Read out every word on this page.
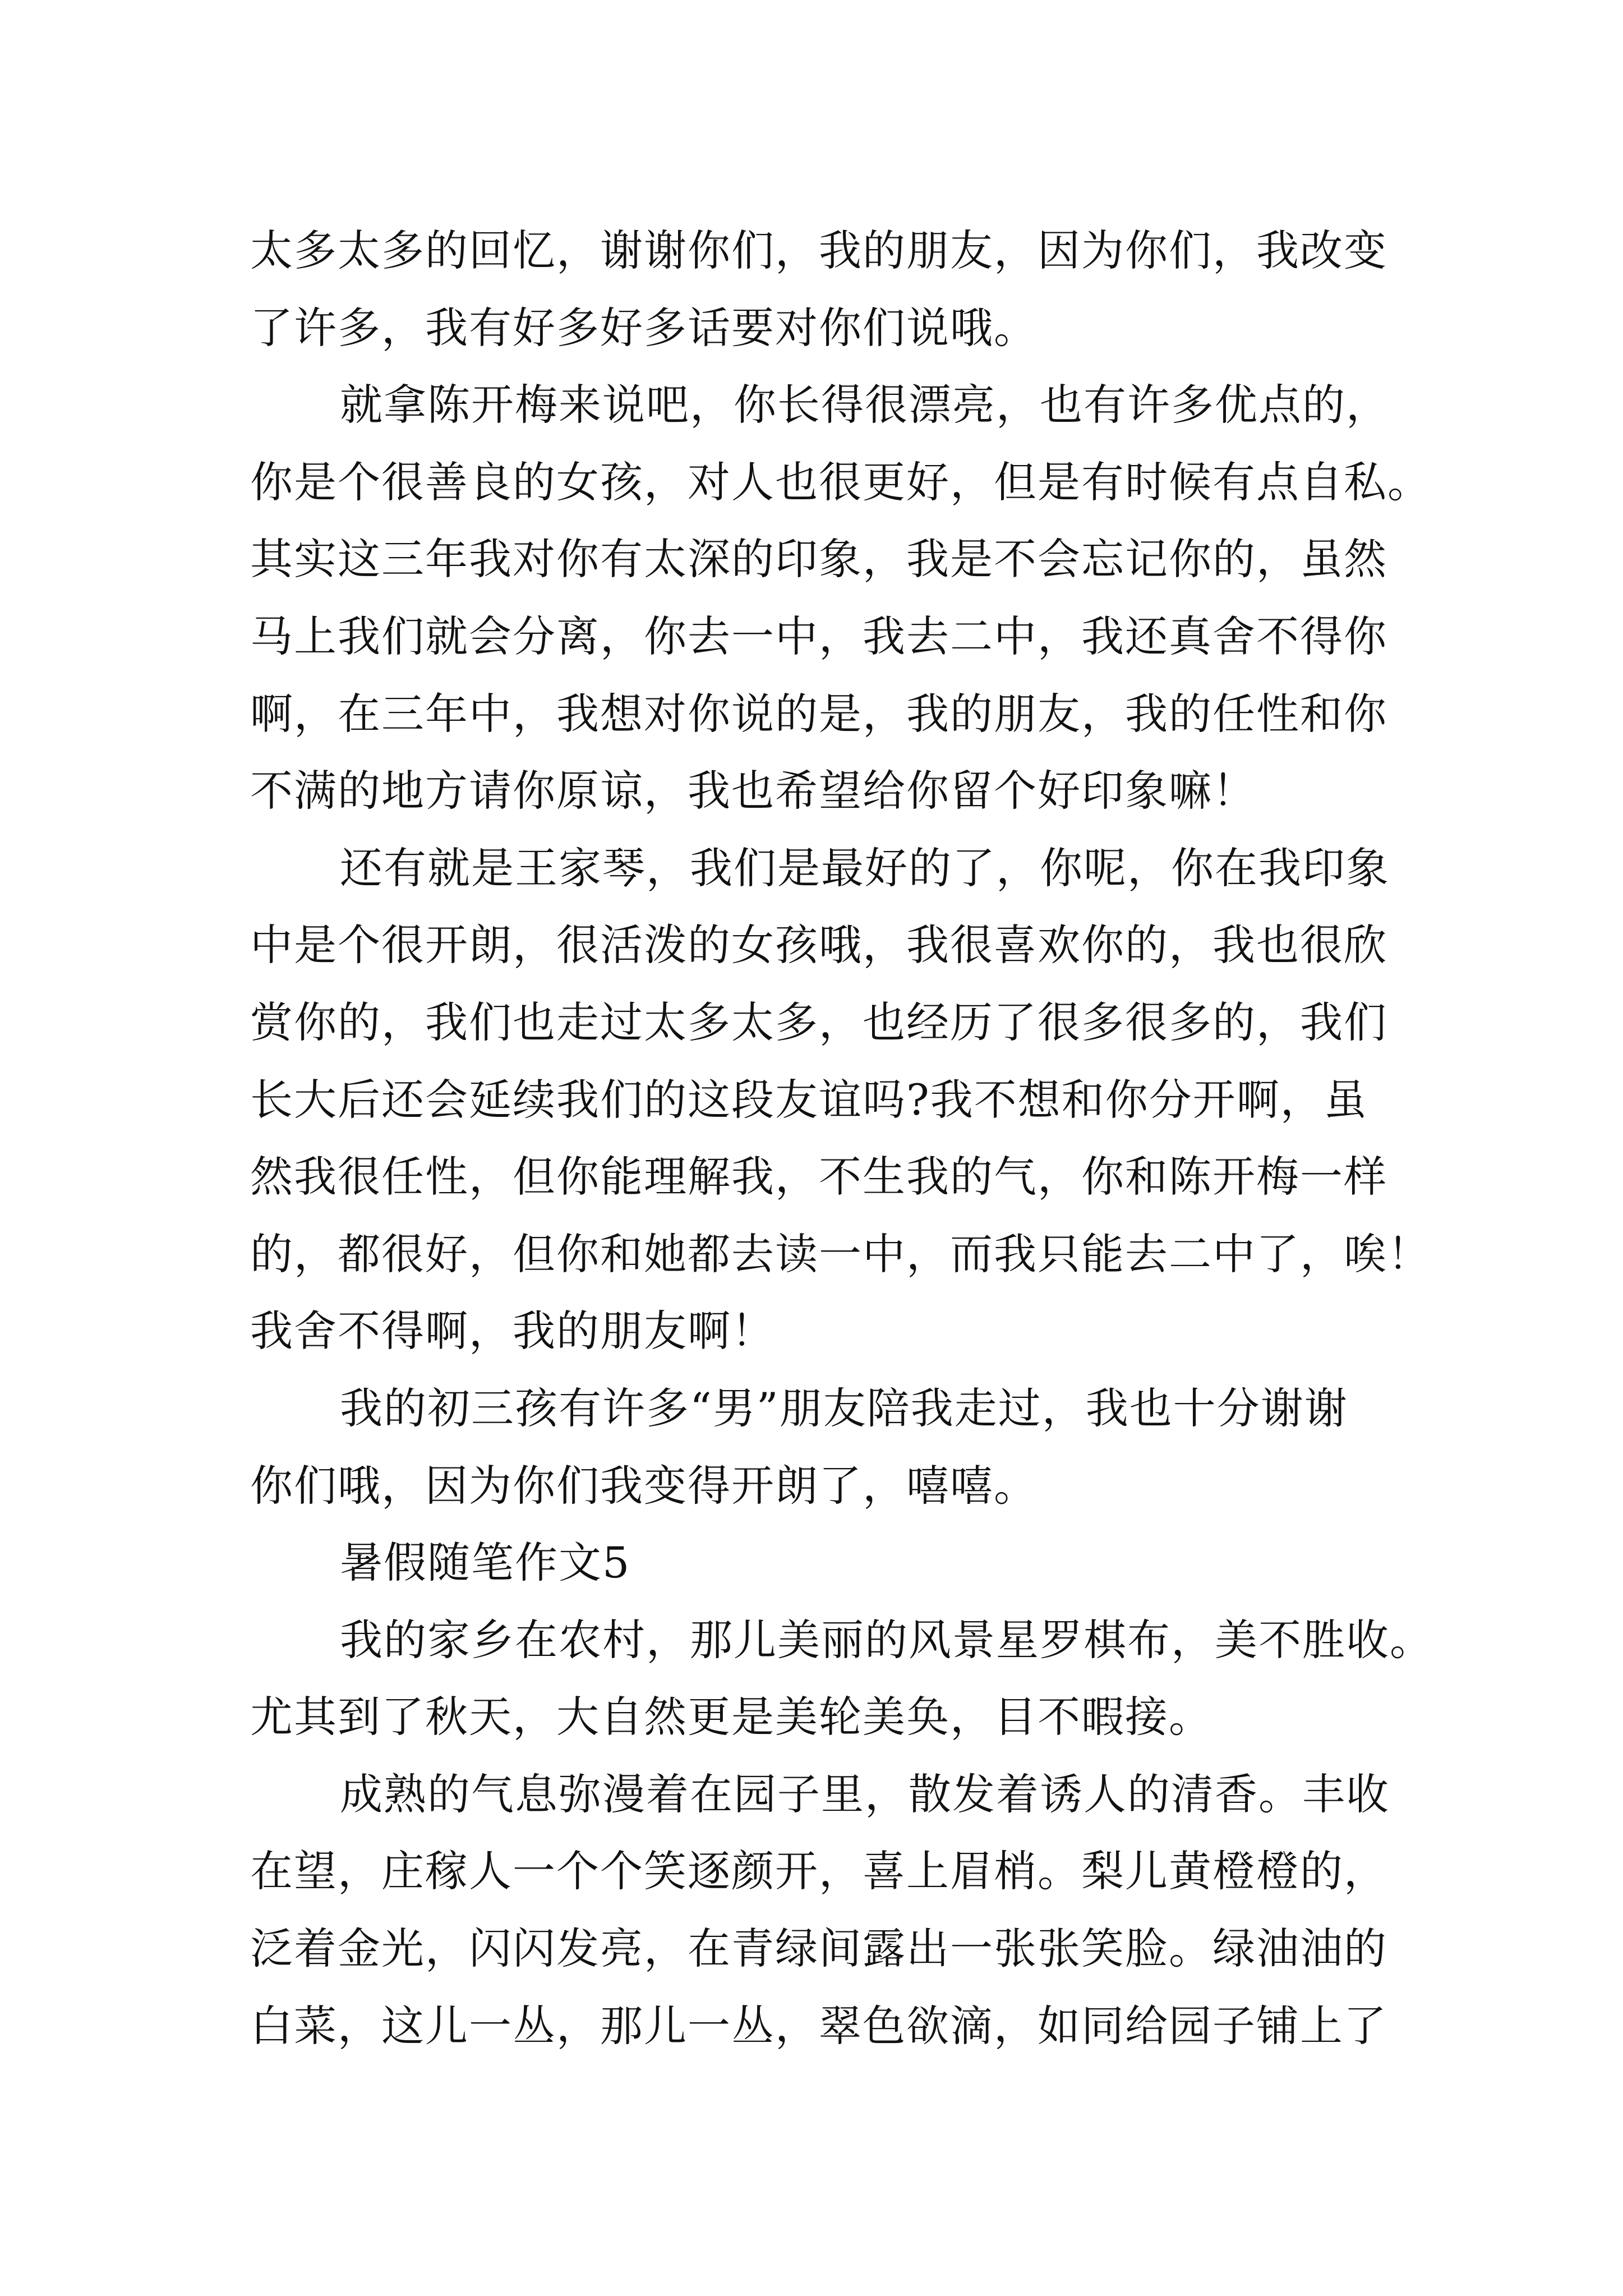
太多太多的回忆，谢谢你们，我的朋友，因为你们，我改变
了许多，我有好多好多话要对你们说哦。
就拿陈开梅来说吧，你长得很漂亮，也有许多优点的，
你是个很善良的女孩，对人也很更好，但是有时候有点自私。
其实这三年我对你有太深的印象，我是不会忘记你的，虽然
马上我们就会分离，你去一中，我去二中，我还真舍不得你
啊，在三年中，我想对你说的是，我的朋友，我的任性和你
不满的地方请你原谅，我也希望给你留个好印象嘛！
还有就是王家琴，我们是最好的了，你呢，你在我印象
中是个很开朗，很活泼的女孩哦，我很喜欢你的，我也很欣
赏你的，我们也走过太多太多，也经历了很多很多的，我们
长大后还会延续我们的这段友谊吗?我不想和你分开啊，虽
然我很任性，但你能理解我，不生我的气，你和陈开梅一样
的，都很好，但你和她都去读一中，而我只能去二中了，唉！
我舍不得啊，我的朋友啊！
我的初三孩有许多“男”朋友陪我走过，我也十分谢谢
你们哦，因为你们我变得开朗了，嘻嘻。
暑假随笔作文5
我的家乡在农村，那儿美丽的风景星罗棋布，美不胜收。
尤其到了秋天，大自然更是美轮美奂，目不暇接。
成熟的气息弥漫着在园子里，散发着诱人的清香。丰收
在望，庄稼人一个个笑逐颜开，喜上眉梢。梨儿黄橙橙的，
泛着金光，闪闪发亮，在青绿间露出一张张笑脸。绿油油的
白菜，这儿一丛，那儿一丛，翠色欲滴，如同给园子铺上了
